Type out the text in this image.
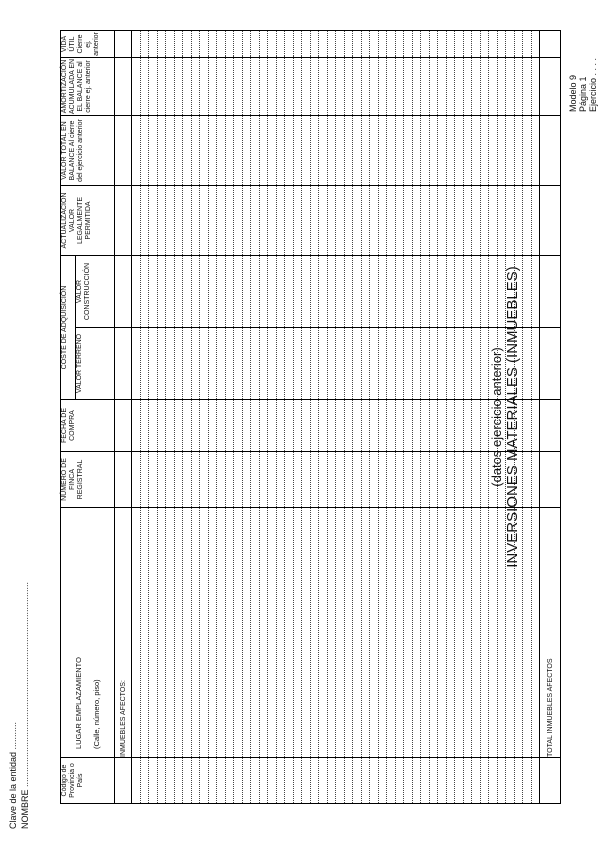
Clave de la entidad ........... NOMBRE ..................................................................................
Modelo 9 Página 1 Ejercicio . . . .
INVERSIONES MATERIALES (INMUEBLES)
(datos ejercicio anterior)
Código de Provincia o País	LUGAR EMPLAZAMIENTO (Calle, número, piso)	NÚMERO DE FINCA REGISTRAL	FECHA DE COMPRA	COSTE DE ADQUISICIÓN		ACTUALIZACION VALOR LEGALMENTE PERMITIDA	VALOR TOTAL EN BALANCE Al cierre del ejercicio anterior	AMORTIZACIÓN ACUMULADA EN EL BALANCE al cierre ej. anterior	VIDA ÚTIL Cierre ej. anterior
				VALOR TERRENO	VALOR CONSTRUCCIÓN				
	INMUEBLES AFECTOS:								

	TOTAL INMUEBLES AFECTOS								
